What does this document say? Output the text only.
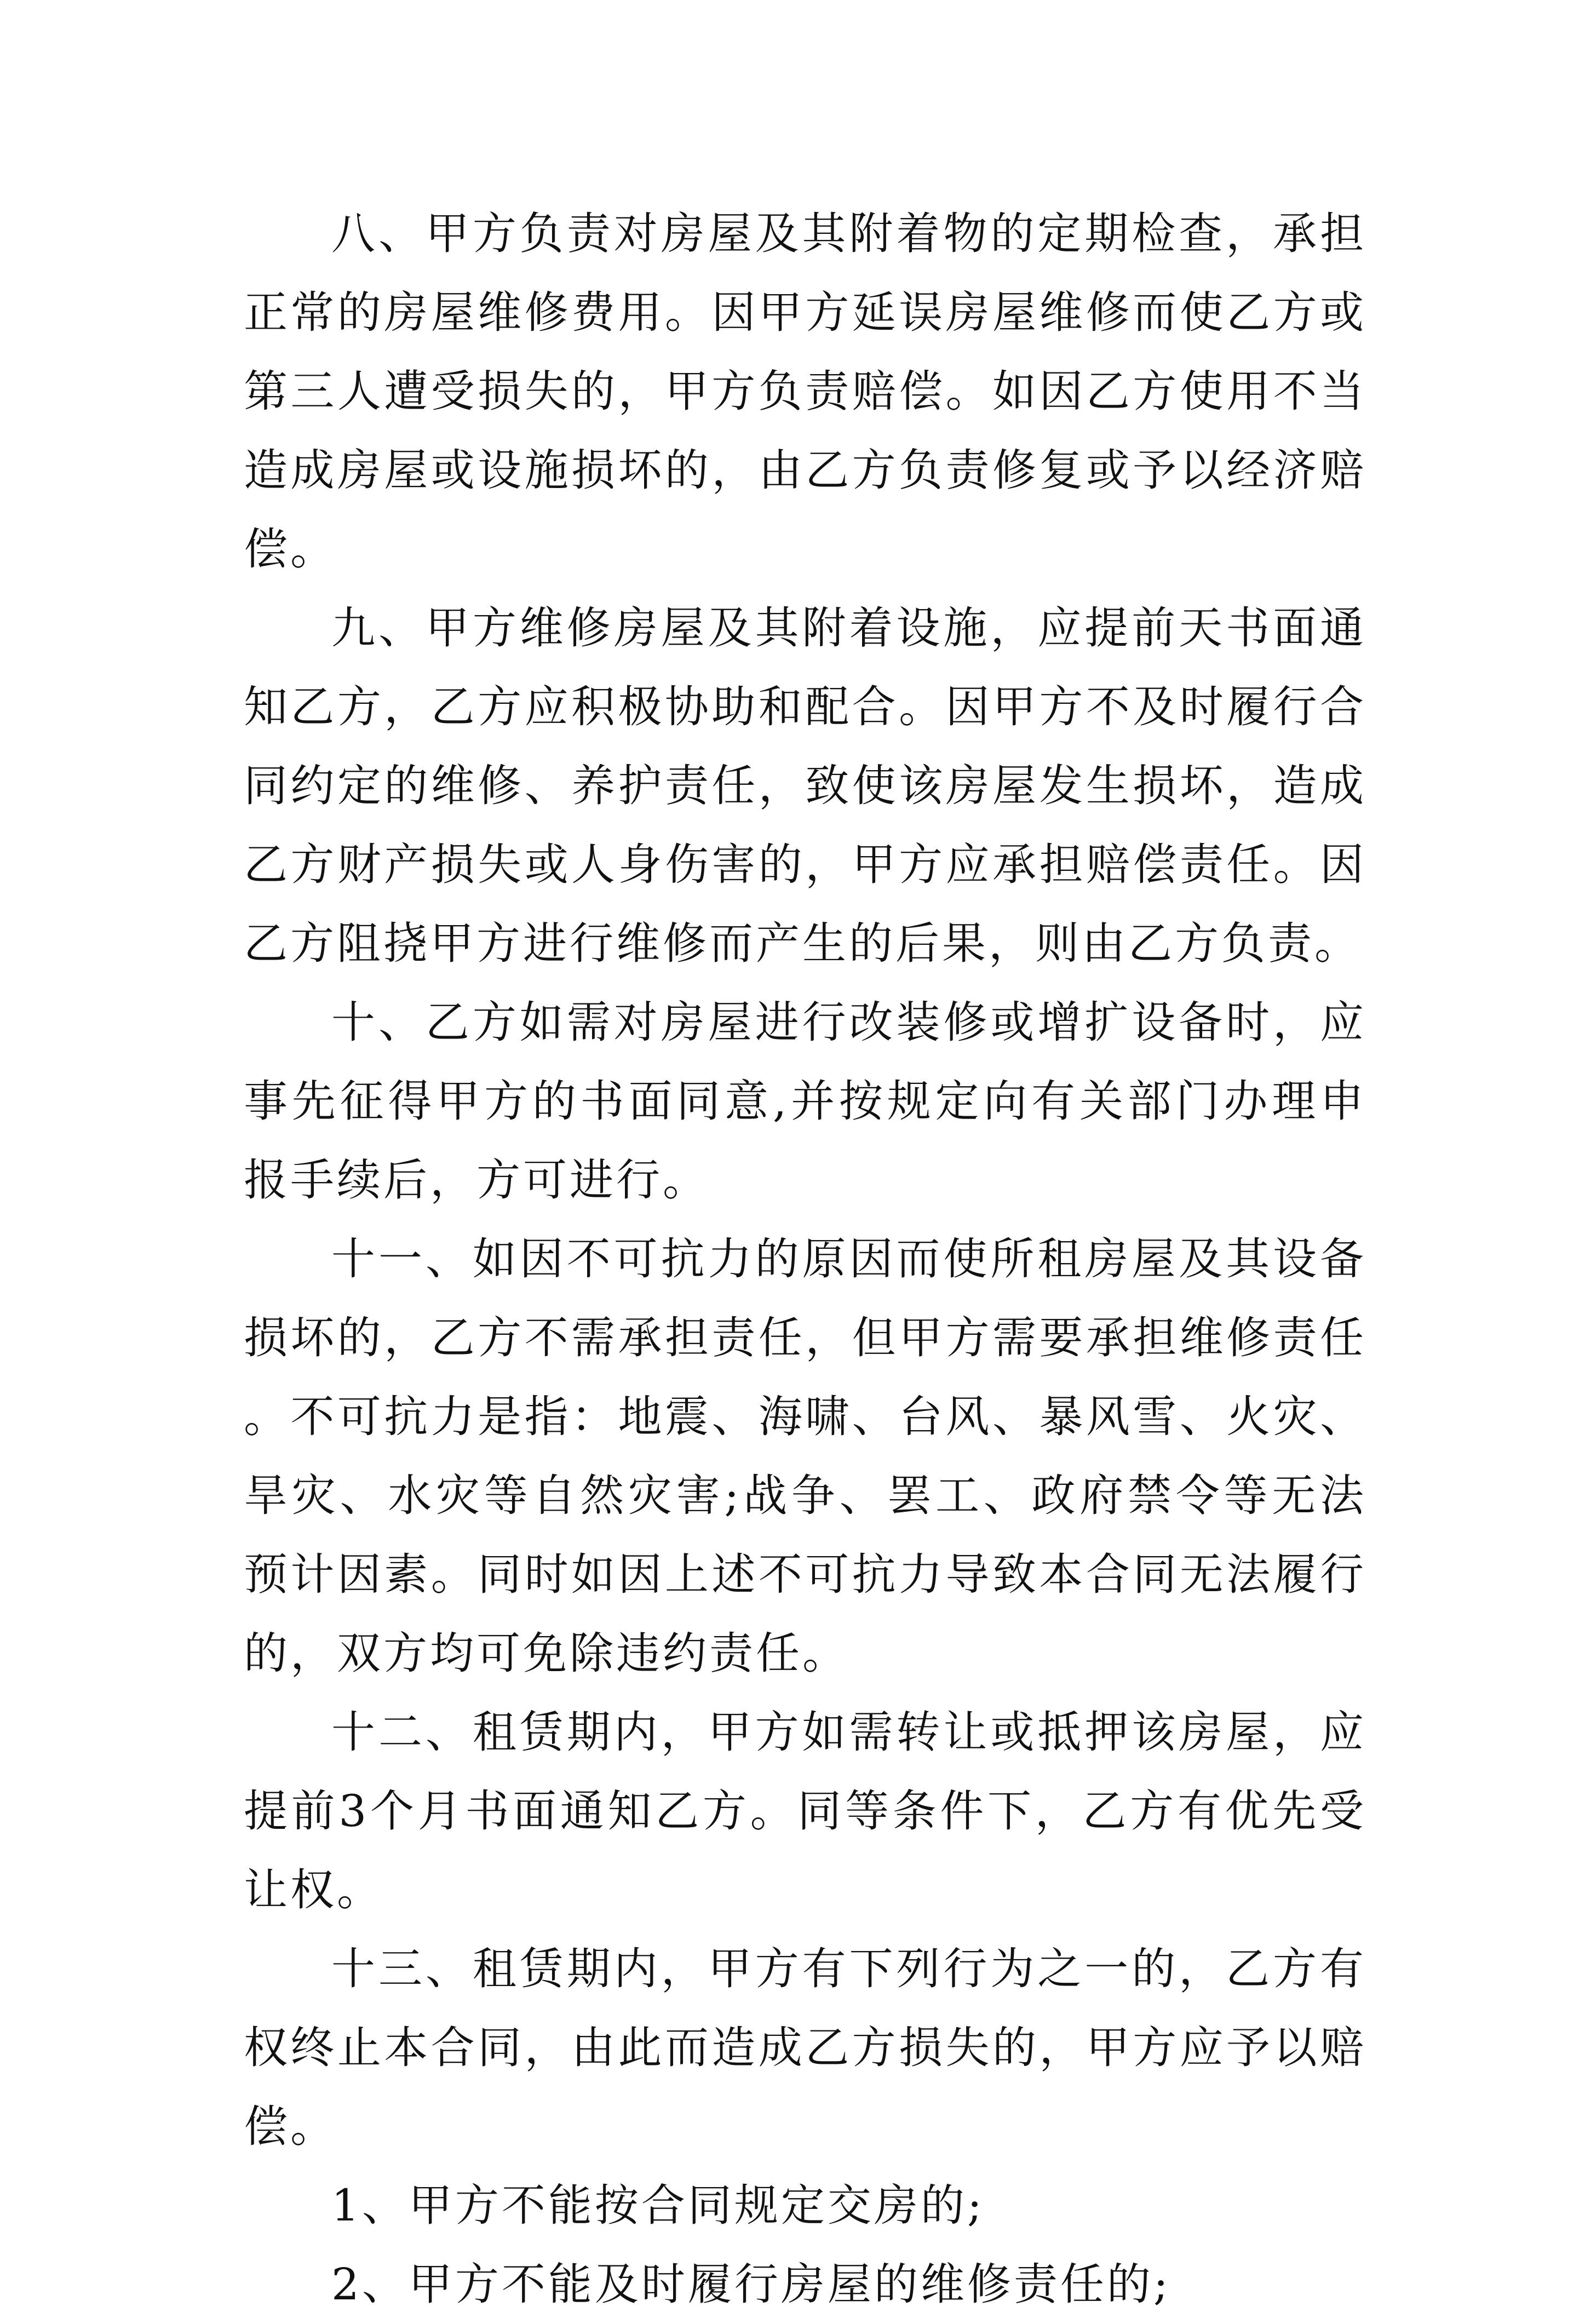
八、甲方负责对房屋及其附着物的定期检查，承担正常的房屋维修费用。因甲方延误房屋维修而使乙方或第三人遭受损失的，甲方负责赔偿。如因乙方使用不当造成房屋或设施损坏的，由乙方负责修复或予以经济赔偿。

九、甲方维修房屋及其附着设施，应提前天书面通知乙方，乙方应积极协助和配合。因甲方不及时履行合同约定的维修、养护责任，致使该房屋发生损坏，造成乙方财产损失或人身伤害的，甲方应承担赔偿责任。因乙方阻挠甲方进行维修而产生的后果，则由乙方负责。

十、乙方如需对房屋进行改装修或增扩设备时，应事先征得甲方的书面同意,并按规定向有关部门办理申报手续后，方可进行。

十一、如因不可抗力的原因而使所租房屋及其设备损坏的，乙方不需承担责任，但甲方需要承担维修责任。不可抗力是指：地震、海啸、台风、暴风雪、火灾、旱灾、水灾等自然灾害;战争、罢工、政府禁令等无法预计因素。同时如因上述不可抗力导致本合同无法履行的，双方均可免除违约责任。

十二、租赁期内，甲方如需转让或抵押该房屋，应提前3个月书面通知乙方。同等条件下，乙方有优先受让权。

十三、租赁期内，甲方有下列行为之一的，乙方有权终止本合同，由此而造成乙方损失的，甲方应予以赔偿。

1、甲方不能按合同规定交房的;

2、甲方不能及时履行房屋的维修责任的;
